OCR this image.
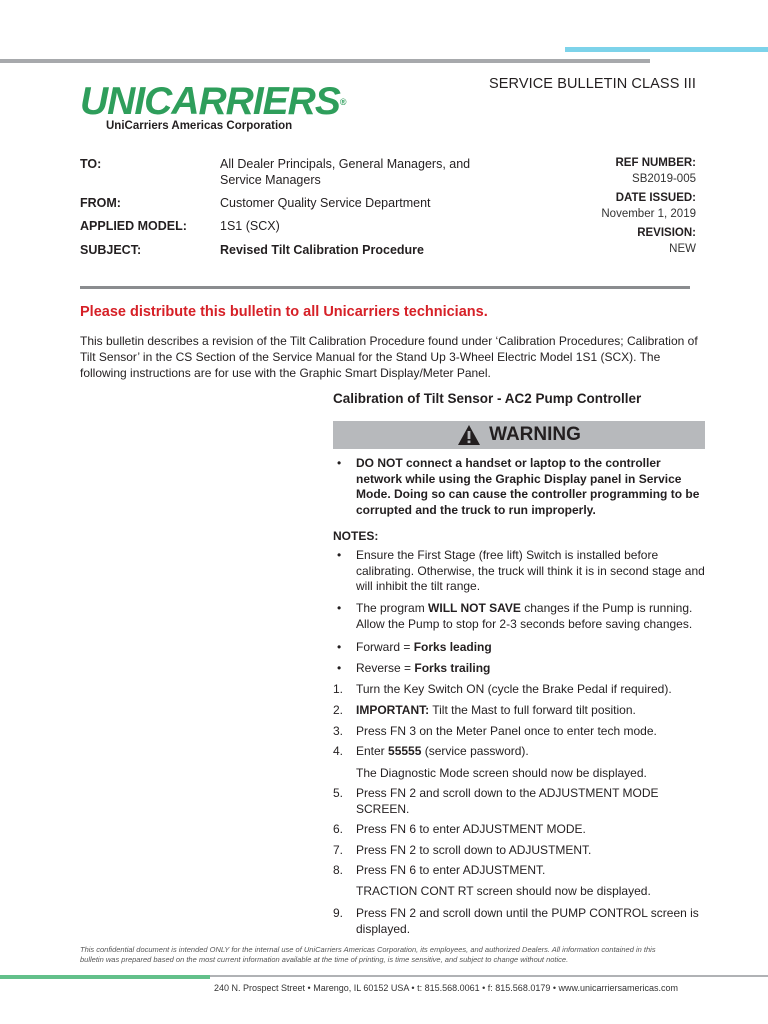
UNICARRIERS®
UniCarriers Americas Corporation
SERVICE BULLETIN CLASS III
TO:	All Dealer Principals, General Managers, and Service Managers
FROM:	Customer Quality Service Department
APPLIED MODEL:	1S1 (SCX)
SUBJECT:	Revised Tilt Calibration Procedure
REF NUMBER:
SB2019-005
DATE ISSUED:
November 1, 2019
REVISION:
NEW
Please distribute this bulletin to all Unicarriers technicians.
This bulletin describes a revision of the Tilt Calibration Procedure found under ‘Calibration Procedures; Calibration of Tilt Sensor’ in the CS Section of the Service Manual for the Stand Up 3-Wheel Electric Model 1S1 (SCX). The following instructions are for use with the Graphic Smart Display/Meter Panel.
Calibration of Tilt Sensor - AC2 Pump Controller
WARNING
• DO NOT connect a handset or laptop to the controller network while using the Graphic Display panel in Service Mode. Doing so can cause the controller programming to be corrupted and the truck to run improperly.
NOTES:
• Ensure the First Stage (free lift) Switch is installed before calibrating. Otherwise, the truck will think it is in second stage and will inhibit the tilt range.
• The program WILL NOT SAVE changes if the Pump is running. Allow the Pump to stop for 2-3 seconds before saving changes.
• Forward = Forks leading
• Reverse = Forks trailing
1. Turn the Key Switch ON (cycle the Brake Pedal if required).
2. IMPORTANT: Tilt the Mast to full forward tilt position.
3. Press FN 3 on the Meter Panel once to enter tech mode.
4. Enter 55555 (service password).
The Diagnostic Mode screen should now be displayed.
5. Press FN 2 and scroll down to the ADJUSTMENT MODE SCREEN.
6. Press FN 6 to enter ADJUSTMENT MODE.
7. Press FN 2 to scroll down to ADJUSTMENT.
8. Press FN 6 to enter ADJUSTMENT.
TRACTION CONT RT screen should now be displayed.
9. Press FN 2 and scroll down until the PUMP CONTROL screen is displayed.
This confidential document is intended ONLY for the internal use of UniCarriers Americas Corporation, its employees, and authorized Dealers. All information contained in this bulletin was prepared based on the most current information available at the time of printing, is time sensitive, and subject to change without notice.
240 N. Prospect Street • Marengo, IL 60152 USA • t: 815.568.0061 • f: 815.568.0179 • www.unicarriersamericas.com
